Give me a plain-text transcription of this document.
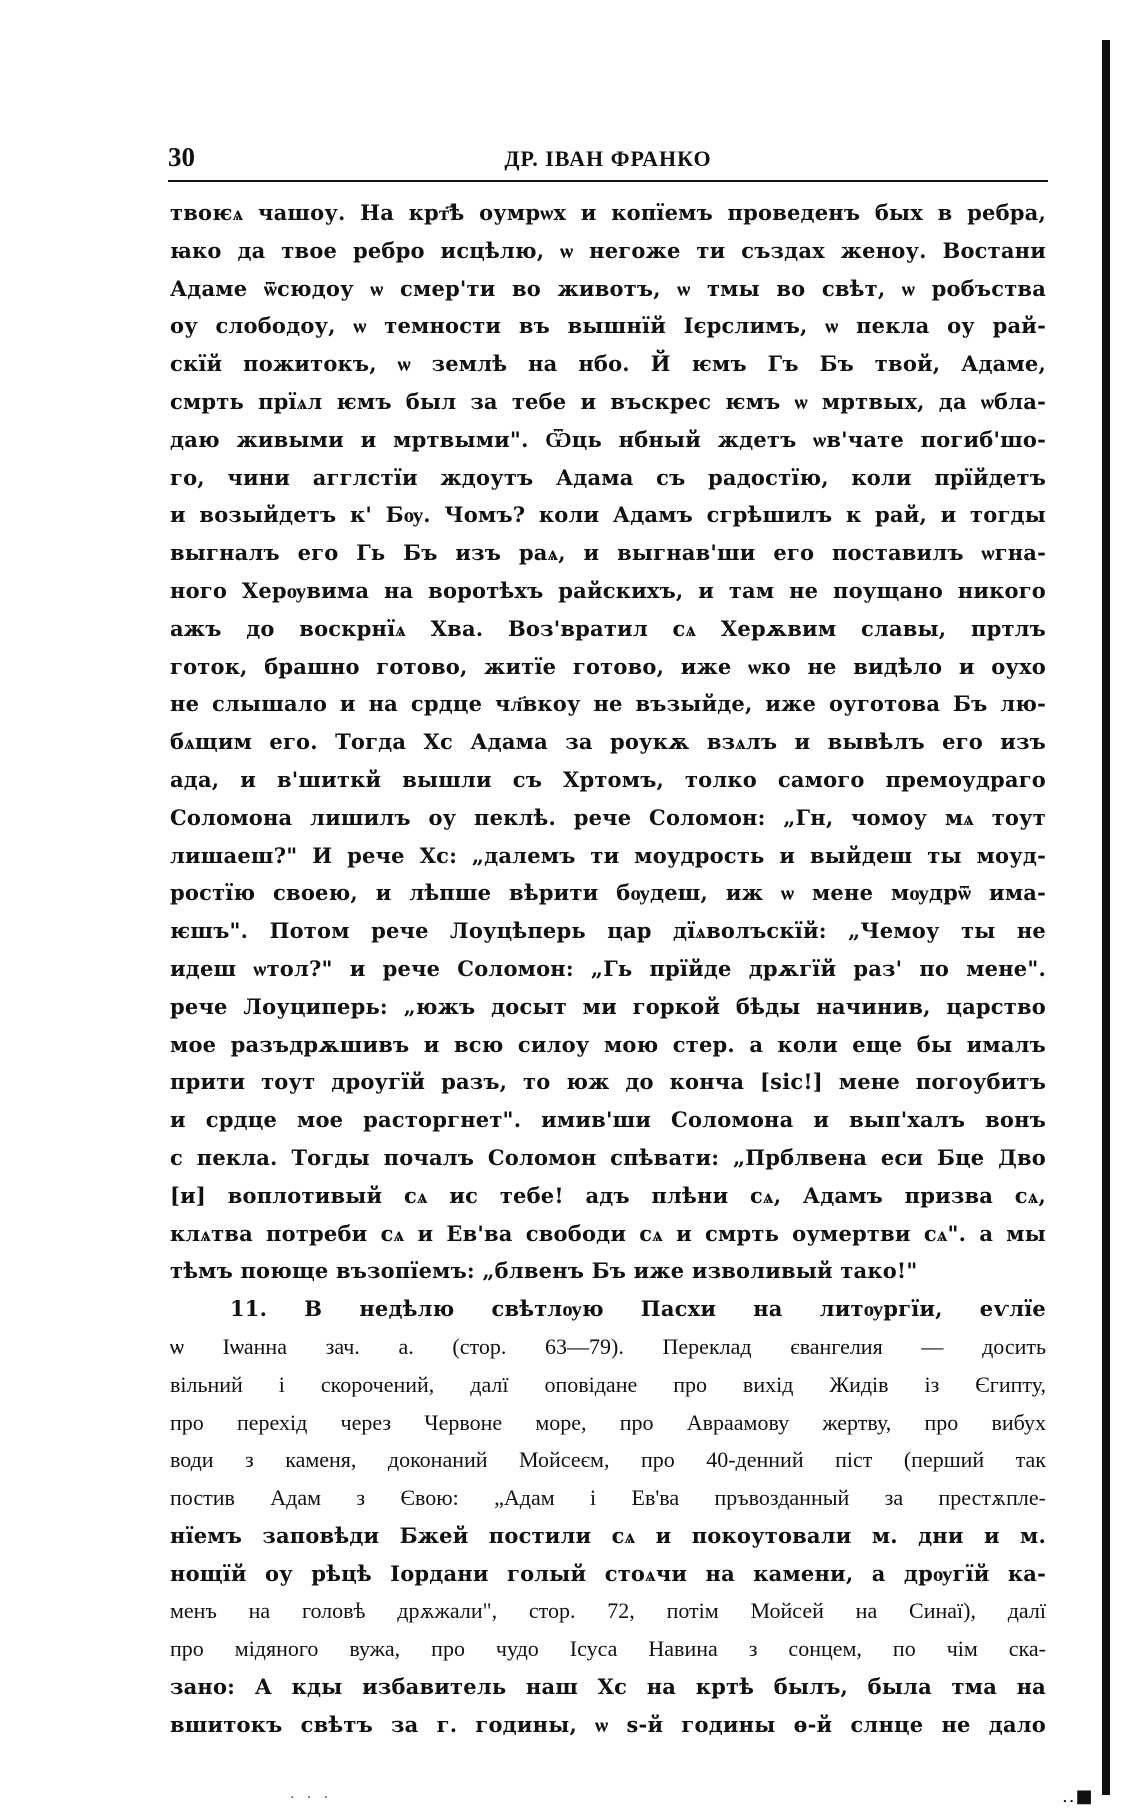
30	ДР. ІВАН ФРАНКО
твоѥѧ чашоу. На крт҃ѣ оумрѡх и копїемъ проведенъ быx в ребра,
ꙗко да твое ребро исцѣлю, ѡ негоже ти създаx женоу. Востани
Адаме ѿсюдоу ѡ смер'ти во животъ, ѡ тмы во свѣт, ѡ робъства
оу слободоу, ѡ темности въ вышнїй Ієрслимъ, ѡ пекла оу рай-
скїй пожитокъ, ѡ землѣ на нбо. Й ѥмъ Гъ Бъ твой, Адаме,
смрть прїѧл ѥмъ был за тебе и въскрес ѥмъ ѡ мртвыx, да ѡбла-
даю живыми и мртвыми". Ѿць нбный ждетъ ѡв'чате погиб'шо-
го, чини агглстїи ждоутъ Адама съ радостїю, коли прїйдетъ
и возыйдетъ к' Бѹ. Чомъ? коли Адамъ сгрѣшилъ к рай, и тогды
выгналъ его Гь Бъ изъ раѧ, и выгнав'ши его поставилъ ѡгнa-
ного Херѹвима на воротѣxъ райскиxъ, и там не поущано никого
ажъ до воскрнїѧ Хва. Воз'вратил сѧ Херѫвим славы, пртлъ
готок, брашно готово, житїе готово, иже ѡко не видѣло и оуxо
не слышало и на срдце чл҃вкоу не възыйде, иже оуготова Бъ лю-
бѧщим его. Тогда Хс Адама за роукѫ взѧлъ и вывѣлъ его изъ
ада, и в'шиткй вышли съ Хртомъ, толко самого премоудраго
Соломона лишилъ оу пеклѣ. рече Соломон: „Гн, чомоу мѧ тоут
лишаеш?" И рече Хс: „далемъ ти моудрость и выйдеш ты моуд-
ростїю своею, и лѣпше вѣрити бѹдеш, иж ѡ мене мѹдрѿ има-
ѥшъ". Потом рече Лоуцѣперь цар дїѧволъскїй: „Чемоу ты не
идеш ѡтол?" и рече Соломон: „Гь прїйде дрѫгїй раз' по мене".
рече Лоуциперь: „южъ досыт ми горкой бѣды начинив, царство
мое разъдрѫшивъ и всю силоу мою стер. а коли еще бы ималъ
прити тоут дроугїй разъ, то юж до конча [sic!] мене погоубитъ
и срдце мое расторгнет". имив'ши Соломона и вып'xалъ вонъ
с пекла. Тогды почалъ Соломон спѣвати: „Прблвена еси Бце Дво
[и] воплотивый сѧ ис тебе! адъ плѣни сѧ, Адамъ призва сѧ,
клѧтва потреби сѧ и Ев'ва свободи сѧ и смрть оумертви сѧ". а мы
тѣмъ поюще възопїемъ: „блвенъ Бъ иже изволивый тако!"
11. В недѣлю свѣтлѹю Пасxи на литѹргїи, еѵлїе
ѡ Іѡанна зач. а. (стор. 63—79). Переклад євангелия — досить
вільний і скорочений, далї оповідане про вихід Жидів із Єгипту,
про перехід через Червоне море, про Авраамову жертву, про вибух
води з каменя, доконаний Мойсеєм, про 40-денний піст (перший так
постив Адам з Євою: „Адам і Ев'ва пръвозданный за престѫпле-
нїемъ заповѣди Бжей постили сѧ и покоутовали м. дни и м.
нощїй оу рѣцѣ Іордани голый стоѧчи на камени, а дрѹгїй ка-
менъ на головѣ дрѫжали", стор. 72, потім Мойсей на Синаї), далї
про мідяного вужа, про чудо Ісуса Навина з сонцем, по чім ска-
зано: А кды избавитель наш Хс на кртѣ былъ, была тма на
вшитокъ свѣтъ за г. годины, ѡ ѕ-й годины ѳ-й слнце не дало
. . .	..■
